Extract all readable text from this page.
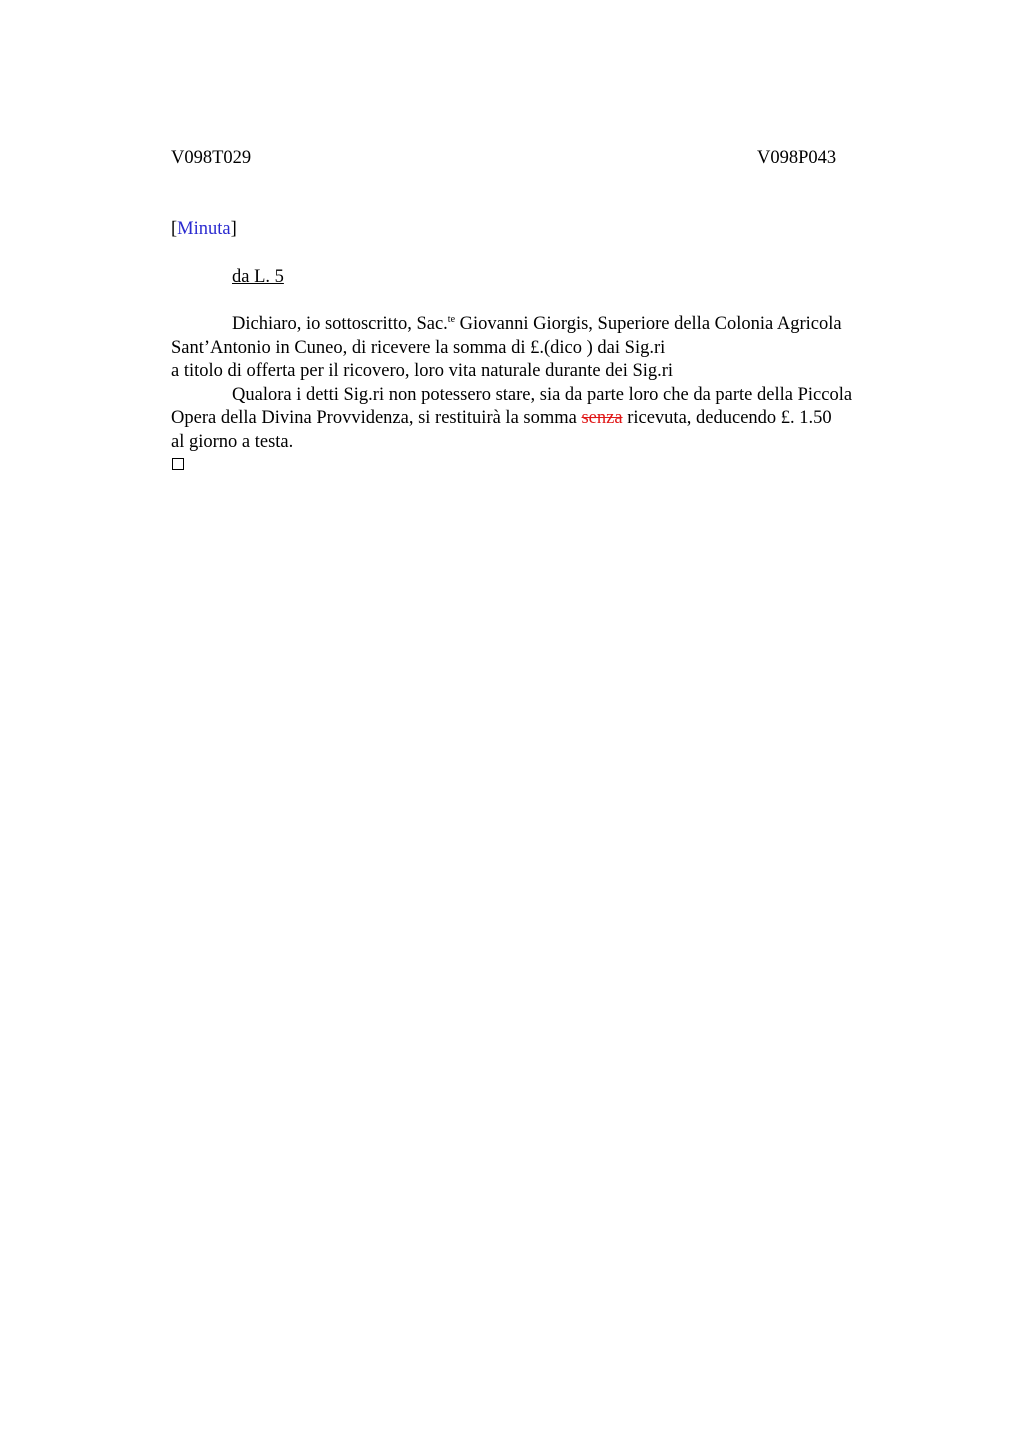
V098T029	V098P043
[Minuta]
da L. 5
Dichiaro, io sottoscritto, Sac.$^{te}$ Giovanni Giorgis, Superiore della Colonia Agricola
Sant’Antonio in Cuneo, di ricevere la somma di £.(dico ) dai Sig.ri
a titolo di offerta per il ricovero, loro vita naturale durante dei Sig.ri
Qualora i detti Sig.ri non potessero stare, sia da parte loro che da parte della Piccola
Opera della Divina Provvidenza, si restituirà la somma senza ricevuta, deducendo £. 1.50
al giorno a testa.
